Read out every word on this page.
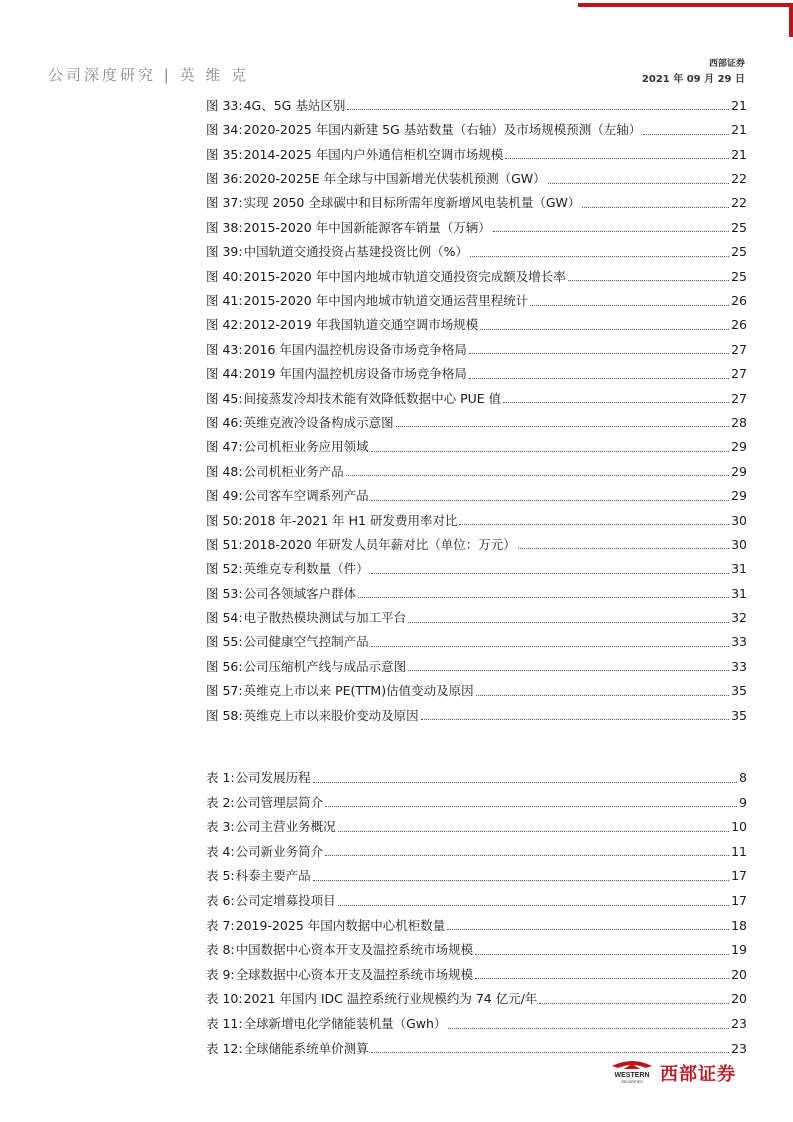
公司深度研究 | 英 维 克
西部证券
2021 年 09 月 29 日
图 33: 4G、5G 基站区别	21
图 34: 2020-2025 年国内新建 5G 基站数量（右轴）及市场规模预测（左轴）	21
图 35: 2014-2025 年国内户外通信柜机空调市场规模	21
图 36: 2020-2025E 年全球与中国新增光伏装机预测（GW）	22
图 37: 实现 2050 全球碳中和目标所需年度新增风电装机量（GW）	22
图 38: 2015-2020 年中国新能源客车销量（万辆）	25
图 39: 中国轨道交通投资占基建投资比例（%）	25
图 40: 2015-2020 年中国内地城市轨道交通投资完成额及增长率	25
图 41: 2015-2020 年中国内地城市轨道交通运营里程统计	26
图 42: 2012-2019 年我国轨道交通空调市场规模	26
图 43: 2016 年国内温控机房设备市场竞争格局	27
图 44: 2019 年国内温控机房设备市场竞争格局	27
图 45: 间接蒸发冷却技术能有效降低数据中心 PUE 值	27
图 46: 英维克液冷设备构成示意图	28
图 47: 公司机柜业务应用领域	29
图 48: 公司机柜业务产品	29
图 49: 公司客车空调系列产品	29
图 50: 2018 年-2021 年 H1 研发费用率对比	30
图 51: 2018-2020 年研发人员年薪对比（单位：万元）	30
图 52: 英维克专利数量（件）	31
图 53: 公司各领域客户群体	31
图 54: 电子散热模块测试与加工平台	32
图 55: 公司健康空气控制产品	33
图 56: 公司压缩机产线与成品示意图	33
图 57: 英维克上市以来 PE(TTM)估值变动及原因	35
图 58: 英维克上市以来股价变动及原因	35
表 1: 公司发展历程	8
表 2: 公司管理层简介	9
表 3: 公司主营业务概况	10
表 4: 公司新业务简介	11
表 5: 科泰主要产品	17
表 6: 公司定增募投项目	17
表 7: 2019-2025 年国内数据中心机柜数量	18
表 8: 中国数据中心资本开支及温控系统市场规模	19
表 9: 全球数据中心资本开支及温控系统市场规模	20
表 10: 2021 年国内 IDC 温控系统行业规模约为 74 亿元/年	20
表 11: 全球新增电化学储能装机量（Gwh）	23
表 12: 全球储能系统单价测算	23
WESTERN
SECURITIES 西部证券
